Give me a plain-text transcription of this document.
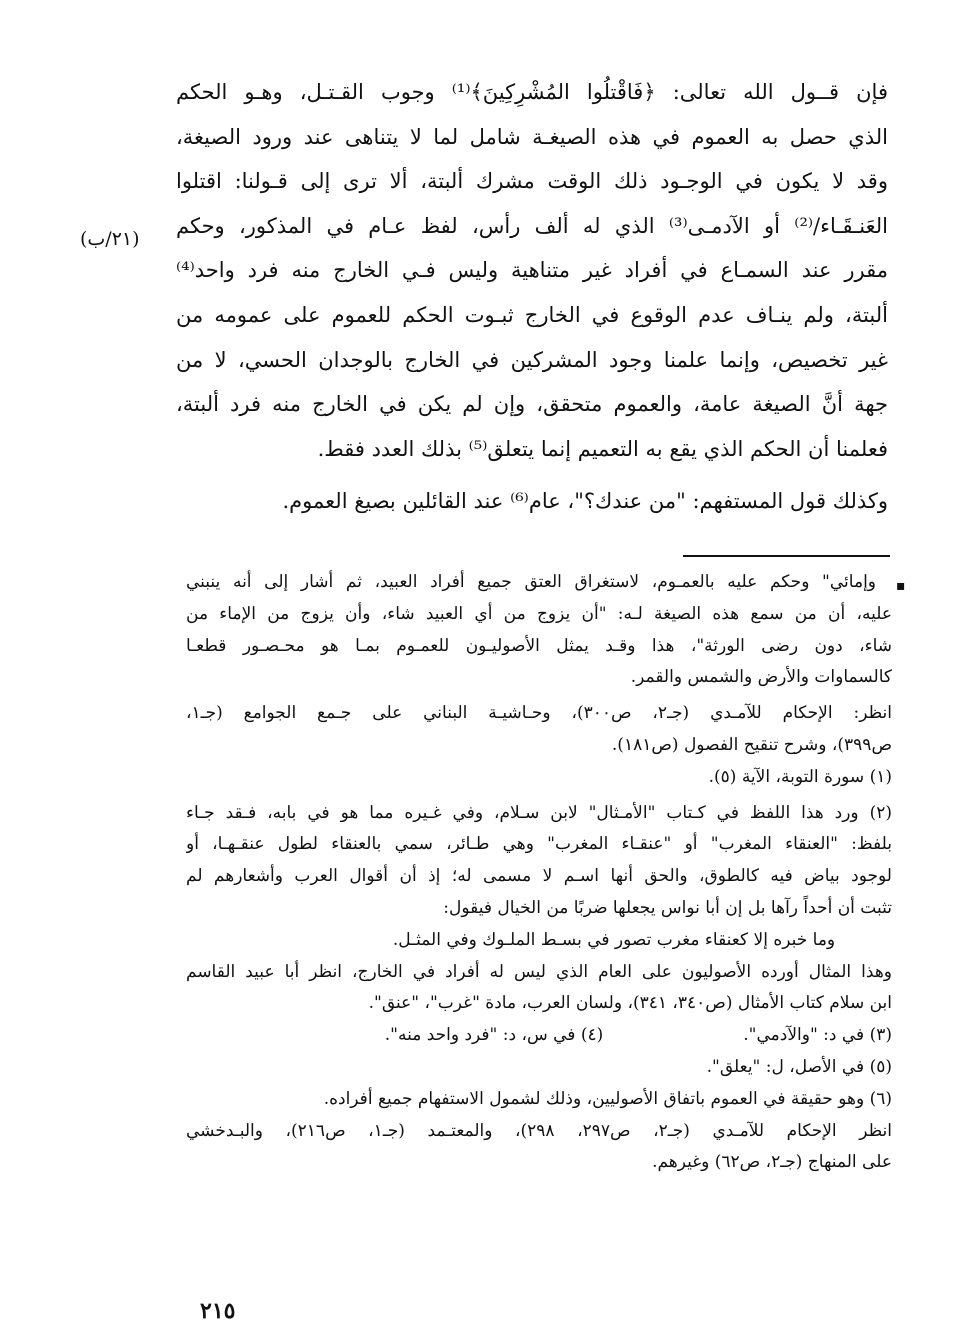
فإن قــول الله تعالى: ﴿فَاقْتلُوا المُشْرِكِينَ﴾⁽¹⁾ وجوب القـتـل، وهـو الحكم
الذي حصل به العموم في هذه الصيغـة شامل لما لا يتناهى عند ورود الصيغة،
وقد لا يكون في الوجـود ذلك الوقت مشرك ألبتة، ألا ترى إلى قـولنا: اقتلوا
العَنـقَـاء/⁽²⁾ أو الآدمـى⁽³⁾ الذي له ألف رأس، لفظ عـام في المذكور، وحكم
مقرر عند السمـاع في أفراد غير متناهية وليس فـي الخارج منه فرد واحد⁽⁴⁾
ألبتة، ولم ينـاف عدم الوقوع في الخارج ثبـوت الحكم للعموم على عمومه من
غير تخصيص، وإنما علمنا وجود المشركين في الخارج بالوجدان الحسي، لا من
جهة أنَّ الصيغة عامة، والعموم متحقق، وإن لم يكن في الخارج منه فرد ألبتة،
فعلمنا أن الحكم الذي يقع به التعميم إنما يتعلق⁽⁵⁾ بذلك العدد فقط.
وكذلك قول المستفهم: "من عندك؟"، عام⁽⁶⁾ عند القائلين بصيغ العموم.
(٢١/ب)
▪
وإمائي" وحكم عليه بالعمـوم، لاستغراق العتق جميع أفراد العبيد، ثم أشار إلى أنه ينبني
عليه، أن من سمع هذه الصيغة لـه: "أن يزوج من أي العبيد شاء، وأن يزوج من الإماء من
شاء، دون رضى الورثة"، هذا وقـد يمثل الأصوليـون للعمـوم بمـا هو محـصـور قطعـا
كالسماوات والأرض والشمس والقمر.
انظر: الإحكام للآمـدي (جـ٢، ص٣٠٠)، وحـاشيـة البناني على جـمع الجوامع (جـ١،
ص٣٩٩)، وشرح تنقيح الفصول (ص١٨١).
(١) سورة التوبة، الآية (٥).
(٢) ورد هذا اللفظ في كـتاب "الأمـثال" لابن سـلام، وفي غـيره مما هو في بابه، فـقد جـاء
بلفظ: "العنقاء المغرب" أو "عنقـاء المغرب" وهي طـائر، سمي بالعنقاء لطول عنقـهـا، أو
لوجود بياض فيه كالطوق، والحق أنها اسـم لا مسمى له؛ إذ أن أقوال العرب وأشعارهم لم
تثبت أن أحداً رآها بل إن أبا نواس يجعلها ضربًا من الخيال فيقول:
وما خبره إلا كعنقاء مغرب تصور في بسـط الملـوك وفي المثـل.
وهذا المثال أورده الأصوليون على العام الذي ليس له أفراد في الخارج، انظر أبا عبيد القاسم
ابن سلام كتاب الأمثال (ص٣٤٠، ٣٤١)، ولسان العرب، مادة "غرب"، "عنق".
(٣) في د: "والآدمي".
(٤) في س، د: "فرد واحد منه".
(٥) في الأصل، ل: "يعلق".
(٦) وهو حقيقة في العموم باتفاق الأصوليين، وذلك لشمول الاستفهام جميع أفراده.
انظر الإحكام للآمـدي (جـ٢، ص٢٩٧، ٢٩٨)، والمعتـمد (جـ١، ص٢١٦)، والبـدخشي
على المنهاج (جـ٢، ص٦٢) وغيرهم.
٢١٥
